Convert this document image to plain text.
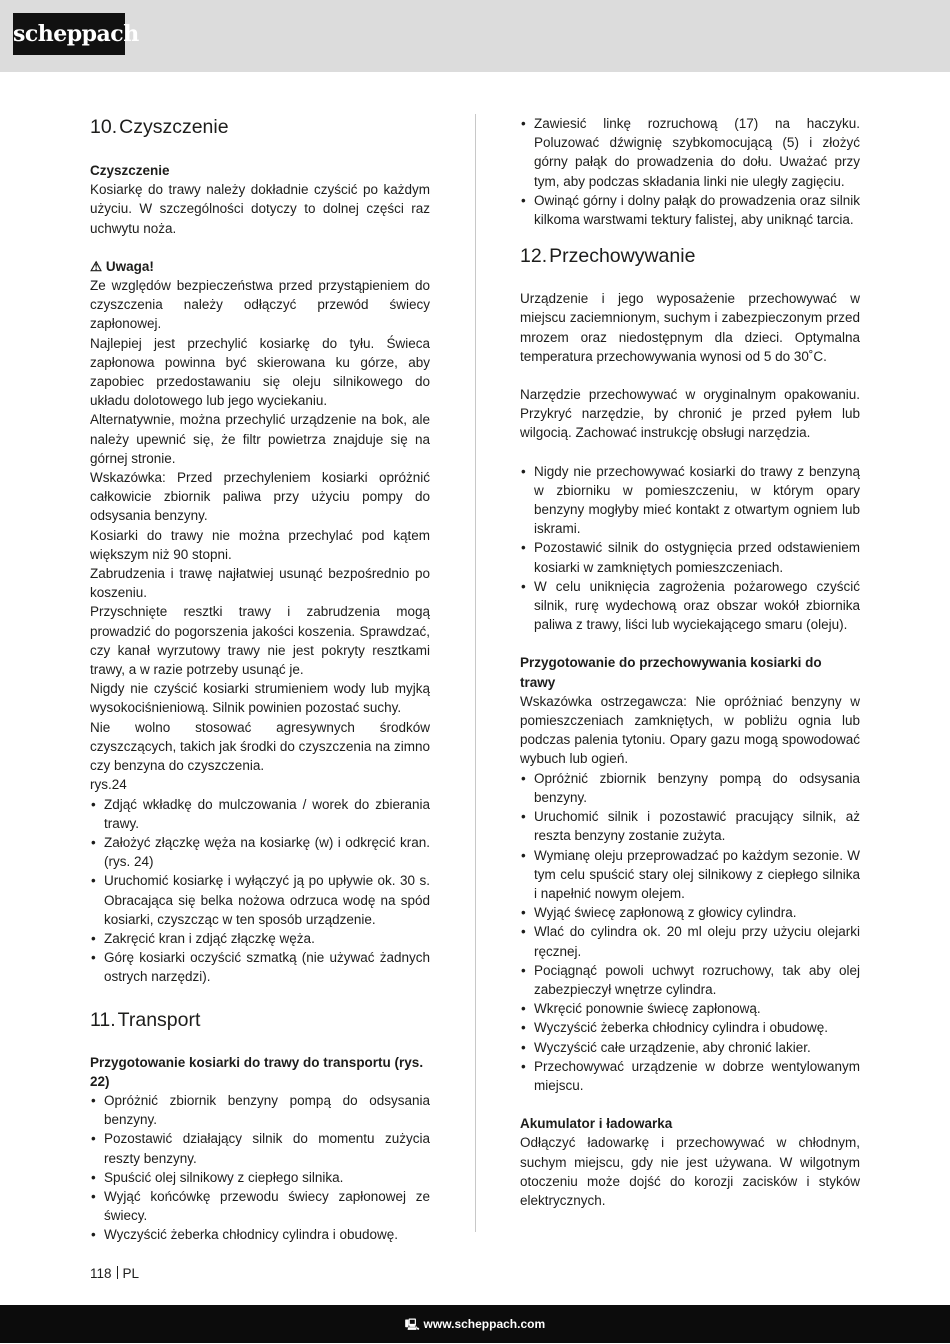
scheppach
10. Czyszczenie
Czyszczenie

Kosiarkę do trawy należy dokładnie czyścić po każdym użyciu. W szczególności dotyczy to dolnej części raz uchwytu noża.

⚠ Uwaga!

Ze względów bezpieczeństwa przed przystąpieniem do czyszczenia należy odłączyć przewód świecy zapłonowej.

Najlepiej jest przechylić kosiarkę do tyłu. Świeca zapłonowa powinna być skierowana ku górze, aby zapobiec przedostawaniu się oleju silnikowego do układu dolotowego lub jego wyciekaniu.

Alternatywnie, można przechylić urządzenie na bok, ale należy upewnić się, że filtr powietrza znajduje się na górnej stronie.

Wskazówka: Przed przechyleniem kosiarki opróżnić całkowicie zbiornik paliwa przy użyciu pompy do odsysania benzyny.

Kosiarki do trawy nie można przechylać pod kątem większym niż 90 stopni.

Zabrudzenia i trawę najłatwiej usunąć bezpośrednio po koszeniu.

Przyschnięte resztki trawy i zabrudzenia mogą prowadzić do pogorszenia jakości koszenia. Sprawdzać, czy kanał wyrzutowy trawy nie jest pokryty resztkami trawy, a w razie potrzeby usunąć je.

Nigdy nie czyścić kosiarki strumieniem wody lub myjką wysokociśnieniową. Silnik powinien pozostać suchy.

Nie wolno stosować agresywnych środków czyszczących, takich jak środki do czyszczenia na zimno czy benzyna do czyszczenia.

rys.24

• Zdjąć wkładkę do mulczowania / worek do zbierania trawy.
• Założyć złączkę węża na kosiarkę (w) i odkręcić kran. (rys. 24)
• Uruchomić kosiarkę i wyłączyć ją po upływie ok. 30 s. Obracająca się belka nożowa odrzuca wodę na spód kosiarki, czyszcząc w ten sposób urządzenie.
• Zakręcić kran i zdjąć złączkę węża.
• Górę kosiarki oczyścić szmatką (nie używać żadnych ostrych narzędzi).
11. Transport
Przygotowanie kosiarki do trawy do transportu (rys. 22)
• Opróżnić zbiornik benzyny pompą do odsysania benzyny.
• Pozostawić działający silnik do momentu zużycia reszty benzyny.
• Spuścić olej silnikowy z ciepłego silnika.
• Wyjąć końcówkę przewodu świecy zapłonowej ze świecy.
• Wyczyścić żeberka chłodnicy cylindra i obudowę.
• Zawiesić linkę rozruchową (17) na haczyku. Poluzować dźwignię szybkomocującą (5) i złożyć górny pałąk do prowadzenia do dołu. Uważać przy tym, aby podczas składania linki nie uległy zagięciu.
• Owinąć górny i dolny pałąk do prowadzenia oraz silnik kilkoma warstwami tektury falistej, aby uniknąć tarcia.
12. Przechowywanie

Urządzenie i jego wyposażenie przechowywać w miejscu zaciemnionym, suchym i zabezpieczonym przed mrozem oraz niedostępnym dla dzieci. Optymalna temperatura przechowywania wynosi od 5 do 30˚C.

Narzędzie przechowywać w oryginalnym opakowaniu. Przykryć narzędzie, by chronić je przed pyłem lub wilgocią. Zachować instrukcję obsługi narzędzia.

• Nigdy nie przechowywać kosiarki do trawy z benzyną w zbiorniku w pomieszczeniu, w którym opary benzyny mogłyby mieć kontakt z otwartym ogniem lub iskrami.
• Pozostawić silnik do ostygnięcia przed odstawieniem kosiarki w zamkniętych pomieszczeniach.
• W celu uniknięcia zagrożenia pożarowego czyścić silnik, rurę wydechową oraz obszar wokół zbiornika paliwa z trawy, liści lub wyciekającego smaru (oleju).
Przygotowanie do przechowywania kosiarki do trawy

Wskazówka ostrzegawcza: Nie opróżniać benzyny w pomieszczeniach zamkniętych, w pobliżu ognia lub podczas palenia tytoniu. Opary gazu mogą spowodować wybuch lub ogień.

• Opróżnić zbiornik benzyny pompą do odsysania benzyny.
• Uruchomić silnik i pozostawić pracujący silnik, aż reszta benzyny zostanie zużyta.
• Wymianę oleju przeprowadzać po każdym sezonie. W tym celu spuścić stary olej silnikowy z ciepłego silnika i napełnić nowym olejem.
• Wyjąć świecę zapłonową z głowicy cylindra.
• Wlać do cylindra ok. 20 ml oleju przy użyciu olejarki ręcznej.
• Pociągnąć powoli uchwyt rozruchowy, tak aby olej zabezpieczył wnętrze cylindra.
• Wkręcić ponownie świecę zapłonową.
• Wyczyścić żeberka chłodnicy cylindra i obudowę.
• Wyczyścić całe urządzenie, aby chronić lakier.
• Przechowywać urządzenie w dobrze wentylowanym miejscu.
Akumulator i ładowarka

Odłączyć ładowarkę i przechowywać w chłodnym, suchym miejscu, gdy nie jest używana. W wilgotnym otoczeniu może dojść do korozji zacisków i styków elektrycznych.

118 PL
🖳 www.scheppach.com
